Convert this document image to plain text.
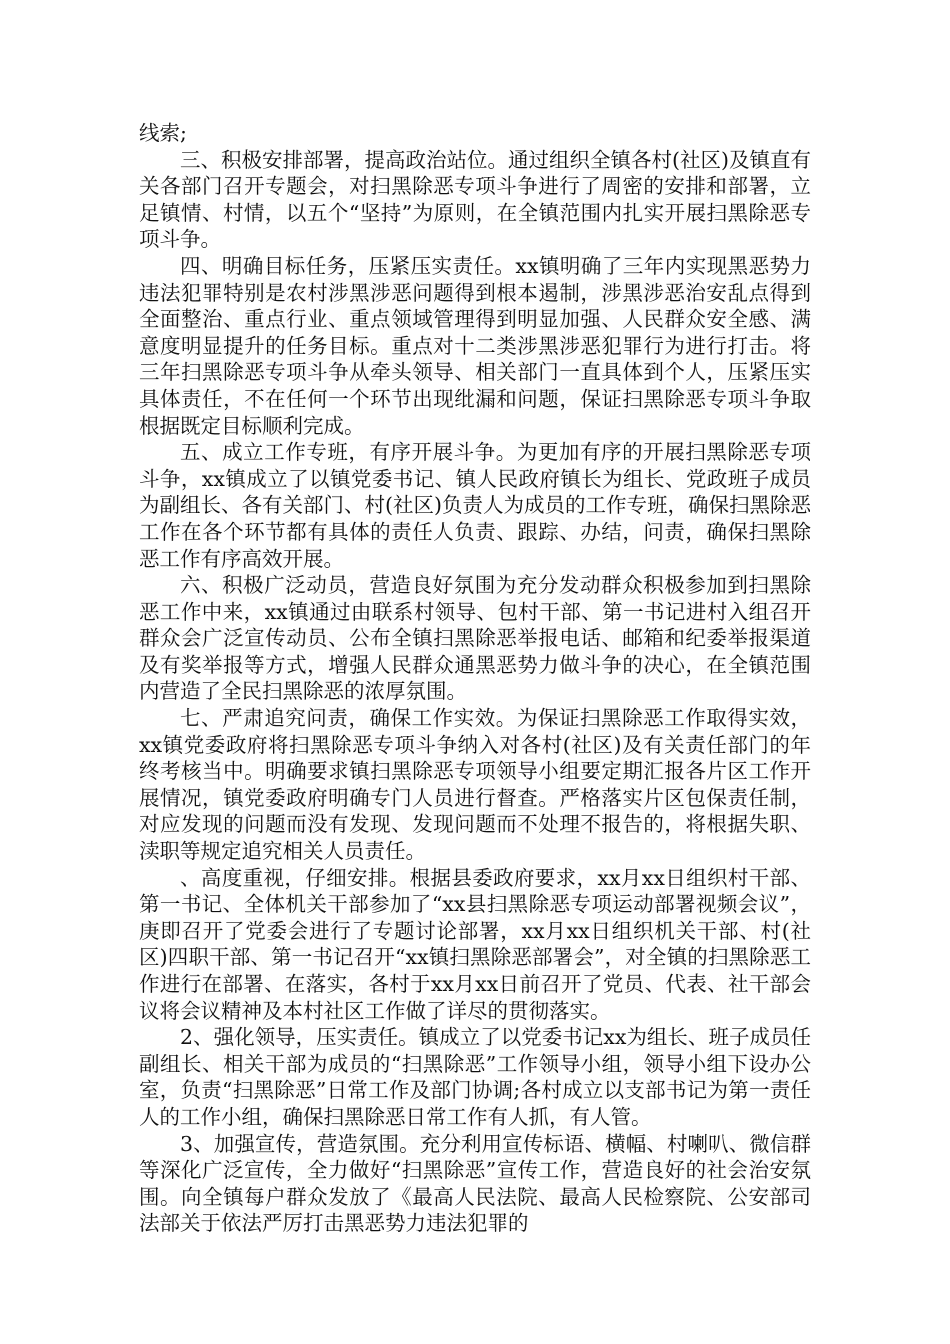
线索;

三、积极安排部署，提高政治站位。通过组织全镇各村(社区)及镇直有关各部门召开专题会，对扫黑除恶专项斗争进行了周密的安排和部署，立足镇情、村情，以五个“坚持”为原则，在全镇范围内扎实开展扫黑除恶专项斗争。

四、明确目标任务，压紧压实责任。xx镇明确了三年内实现黑恶势力违法犯罪特别是农村涉黑涉恶问题得到根本遏制，涉黑涉恶治安乱点得到全面整治、重点行业、重点领域管理得到明显加强、人民群众安全感、满意度明显提升的任务目标。重点对十二类涉黑涉恶犯罪行为进行打击。将三年扫黑除恶专项斗争从牵头领导、相关部门一直具体到个人，压紧压实具体责任，不在任何一个环节出现纰漏和问题，保证扫黑除恶专项斗争取根据既定目标顺利完成。

五、成立工作专班，有序开展斗争。为更加有序的开展扫黑除恶专项斗争，xx镇成立了以镇党委书记、镇人民政府镇长为组长、党政班子成员为副组长、各有关部门、村(社区)负责人为成员的工作专班，确保扫黑除恶工作在各个环节都有具体的责任人负责、跟踪、办结，问责，确保扫黑除恶工作有序高效开展。

六、积极广泛动员，营造良好氛围为充分发动群众积极参加到扫黑除恶工作中来，xx镇通过由联系村领导、包村干部、第一书记进村入组召开群众会广泛宣传动员、公布全镇扫黑除恶举报电话、邮箱和纪委举报渠道及有奖举报等方式，增强人民群众通黑恶势力做斗争的决心，在全镇范围内营造了全民扫黑除恶的浓厚氛围。

七、严肃追究问责，确保工作实效。为保证扫黑除恶工作取得实效，xx镇党委政府将扫黑除恶专项斗争纳入对各村(社区)及有关责任部门的年终考核当中。明确要求镇扫黑除恶专项领导小组要定期汇报各片区工作开展情况，镇党委政府明确专门人员进行督查。严格落实片区包保责任制，对应发现的问题而没有发现、发现问题而不处理不报告的，将根据失职、渎职等规定追究相关人员责任。

、高度重视，仔细安排。根据县委政府要求，xx月xx日组织村干部、第一书记、全体机关干部参加了“xx县扫黑除恶专项运动部署视频会议”，庚即召开了党委会进行了专题讨论部署，xx月xx日组织机关干部、村(社区)四职干部、第一书记召开“xx镇扫黑除恶部署会”，对全镇的扫黑除恶工作进行在部署、在落实，各村于xx月xx日前召开了党员、代表、社干部会议将会议精神及本村社区工作做了详尽的贯彻落实。

2、强化领导，压实责任。镇成立了以党委书记xx为组长、班子成员任副组长、相关干部为成员的“扫黑除恶”工作领导小组，领导小组下设办公室，负责“扫黑除恶”日常工作及部门协调;各村成立以支部书记为第一责任人的工作小组，确保扫黑除恶日常工作有人抓，有人管。

3、加强宣传，营造氛围。充分利用宣传标语、横幅、村喇叭、微信群等深化广泛宣传，全力做好“扫黑除恶”宣传工作，营造良好的社会治安氛围。向全镇每户群众发放了《最高人民法院、最高人民检察院、公安部司法部关于依法严厉打击黑恶势力违法犯罪的
